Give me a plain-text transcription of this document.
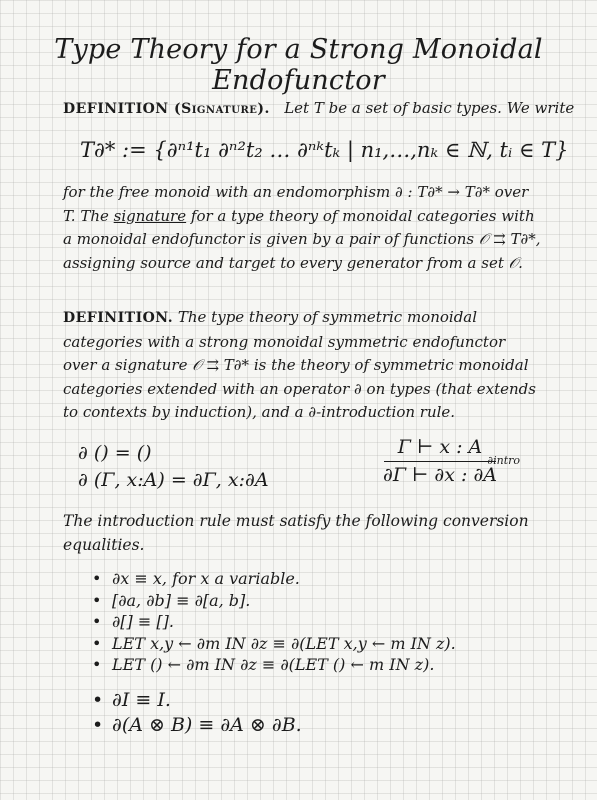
Type Theory for a Strong Monoidal Endofunctor
DEFINITION (Signature). Let T be a set of basic types. We write
T∂* := {∂ⁿ¹t₁ ∂ⁿ²t₂ … ∂ⁿᵏtₖ | n₁,…,nₖ ∈ ℕ, tᵢ ∈ T}
for the free monoid with an endomorphism ∂ : T∂* → T∂* over T. The signature for a type theory of monoidal categories with a monoidal endofunctor is given by a pair of functions 𝒪 ⇉ T∂*, assigning source and target to every generator from a set 𝒪.
DEFINITION. The type theory of symmetric monoidal categories with a strong monoidal symmetric endofunctor over a signature 𝒪 ⇉ T∂* is the theory of symmetric monoidal categories extended with an operator ∂ on types (that extends to contexts by induction), and a ∂-introduction rule.
∂ () = ()
∂ (Γ, x:A) = ∂Γ, x:∂A
Γ ⊢ x : A
∂Γ ⊢ ∂x : ∂A
∂intro
The introduction rule must satisfy the following conversion equalities.
• ∂x ≡ x, for x a variable.
• [∂a, ∂b] ≡ ∂[a, b].
• ∂[] ≡ [].
• LET x,y ← ∂m IN ∂z ≡ ∂(LET x,y ← m IN z).
• LET () ← ∂m IN ∂z ≡ ∂(LET () ← m IN z).
• ∂I ≡ I.
• ∂(A ⊗ B) ≡ ∂A ⊗ ∂B.
